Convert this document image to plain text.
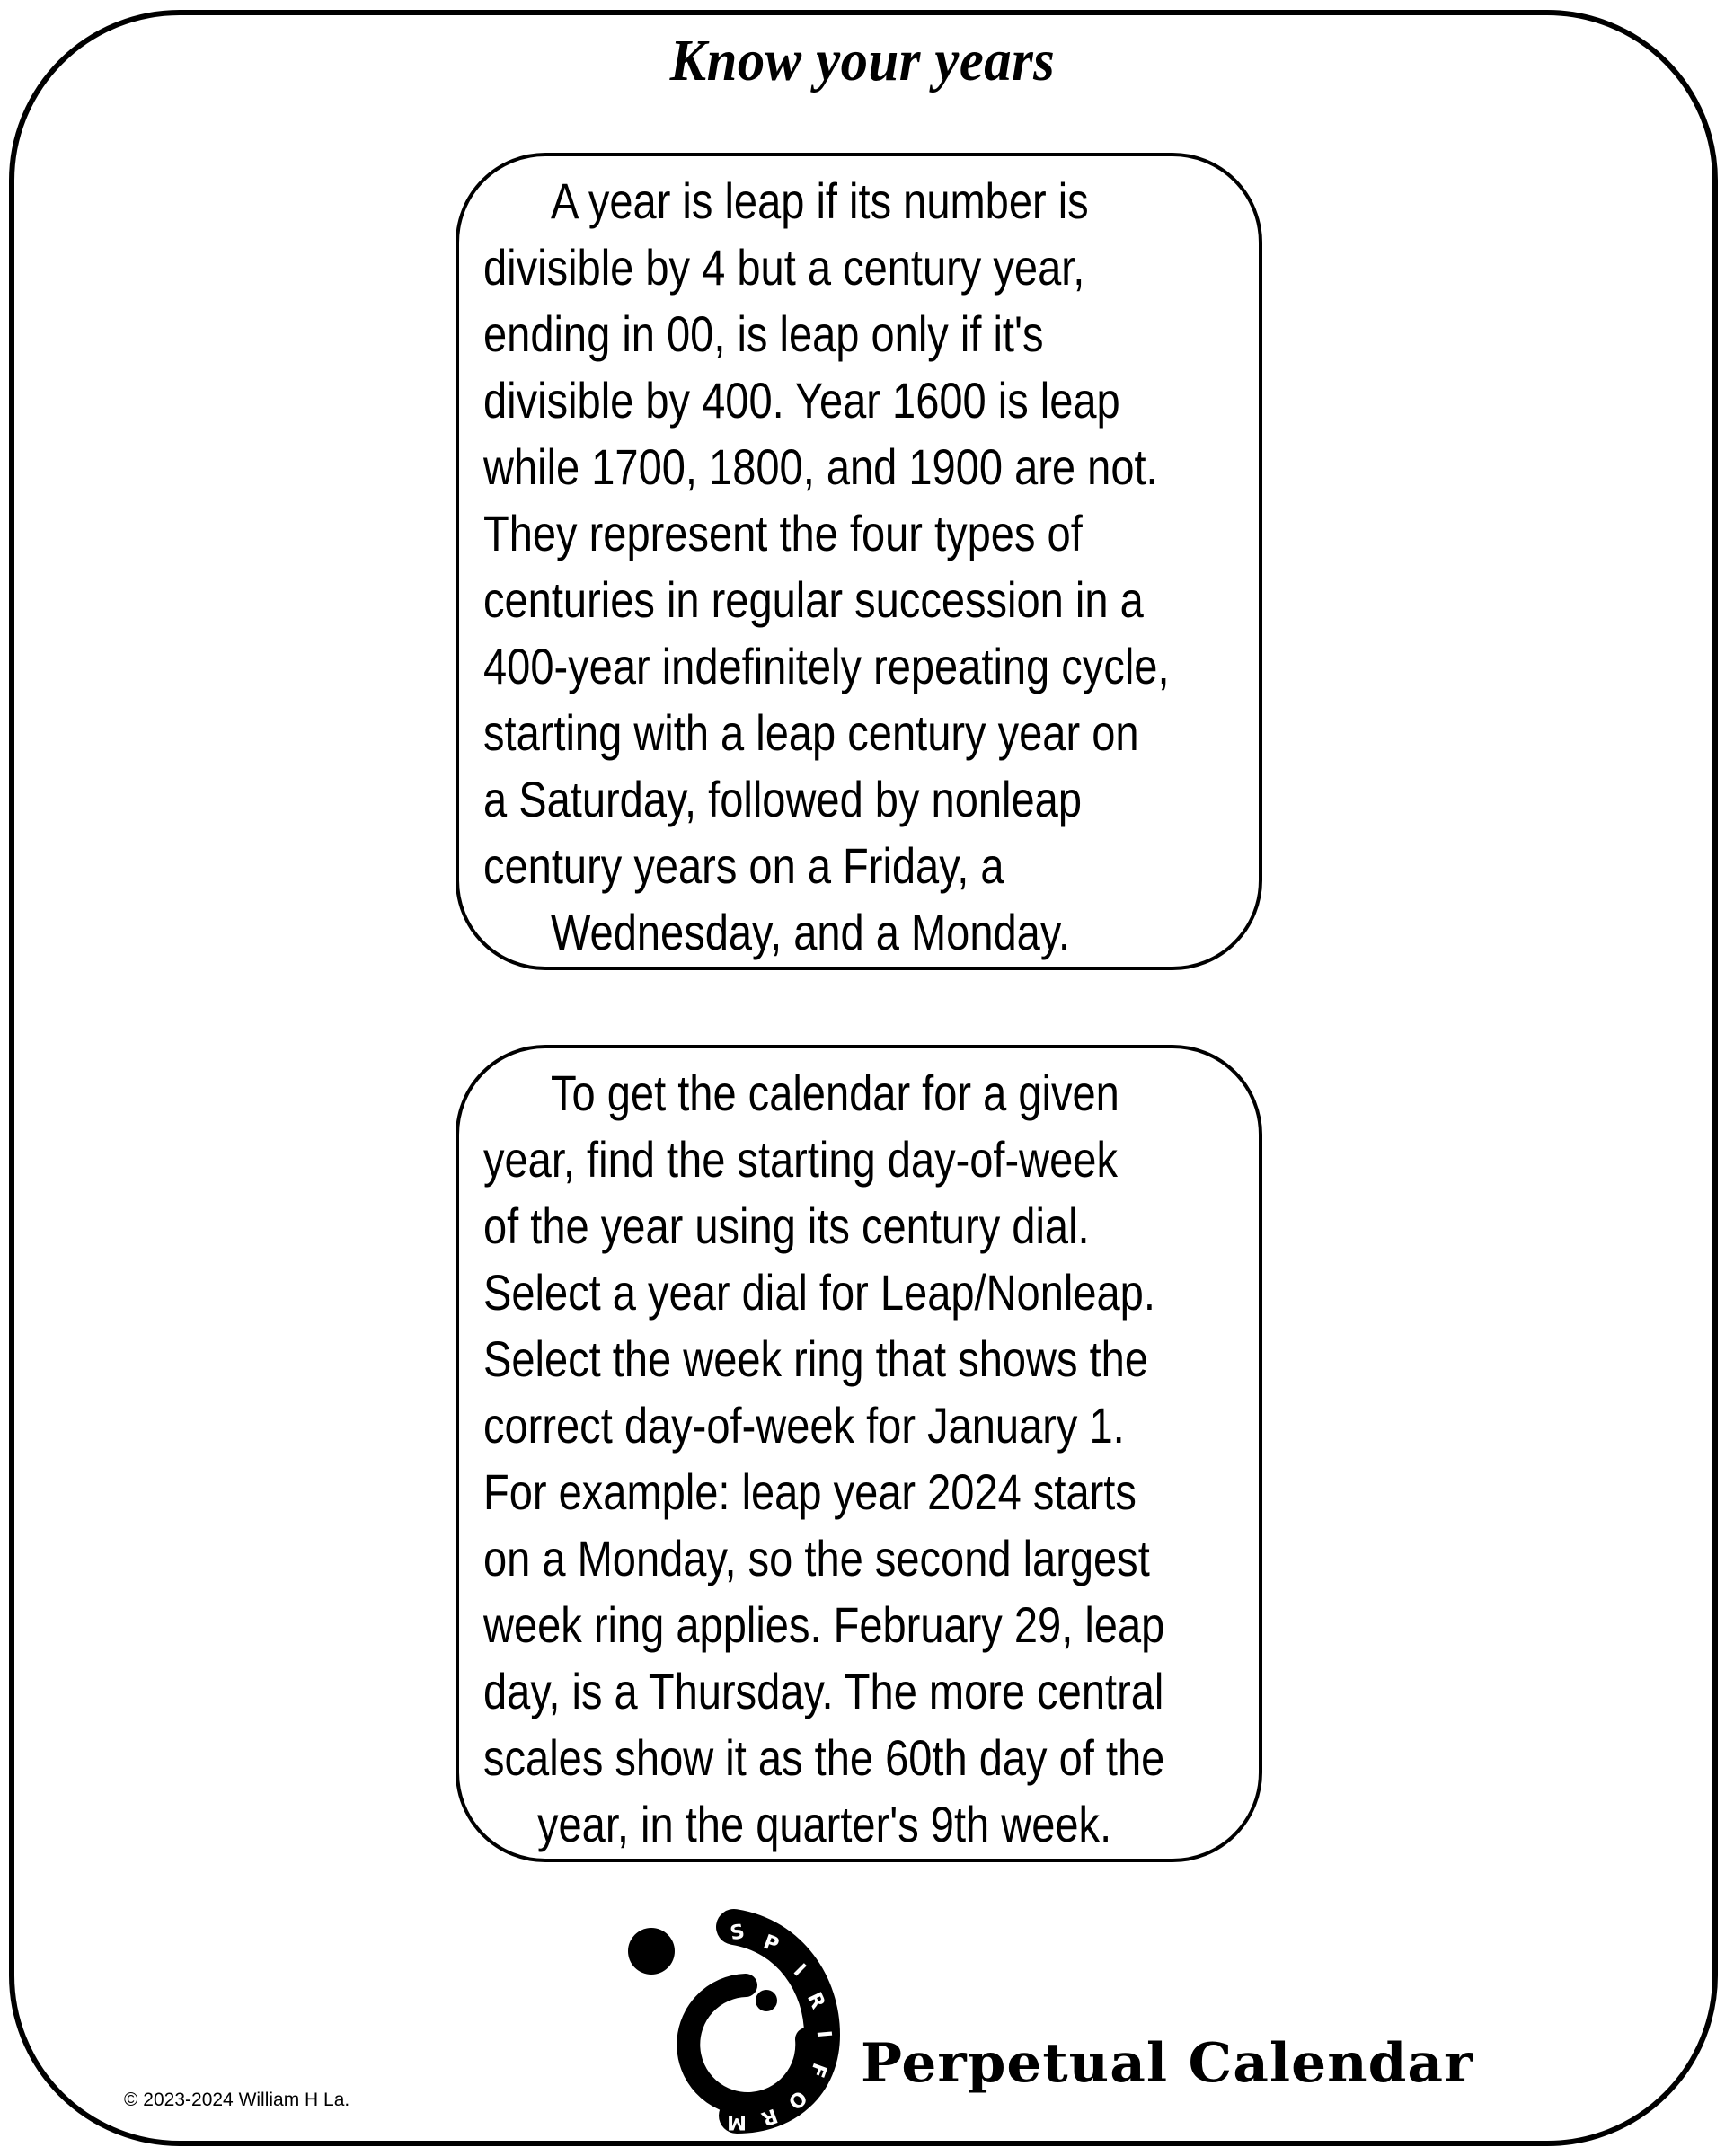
Know your years
A year is leap if its number is
divisible by 4 but a century year,
ending in 00, is leap only if it's
divisible by 400. Year 1600 is leap
while 1700, 1800, and 1900 are not.
They represent the four types of
centuries in regular succession in a
400-year indefinitely repeating cycle,
starting with a leap century year on
a Saturday, followed by nonleap
century years on a Friday, a
Wednesday, and a Monday.
To get the calendar for a given
year, find the starting day-of-week
of the year using its century dial.
Select a year dial for Leap/Nonleap.
Select the week ring that shows the
correct day-of-week for January 1.
For example: leap year 2024 starts
on a Monday, so the second largest
week ring applies. February 29, leap
day, is a Thursday. The more central
scales show it as the 60th day of the
year, in the quarter's 9th week.
S P
I
R
I
F
O
R
M
Perpetual Calendar
© 2023-2024 William H La.
